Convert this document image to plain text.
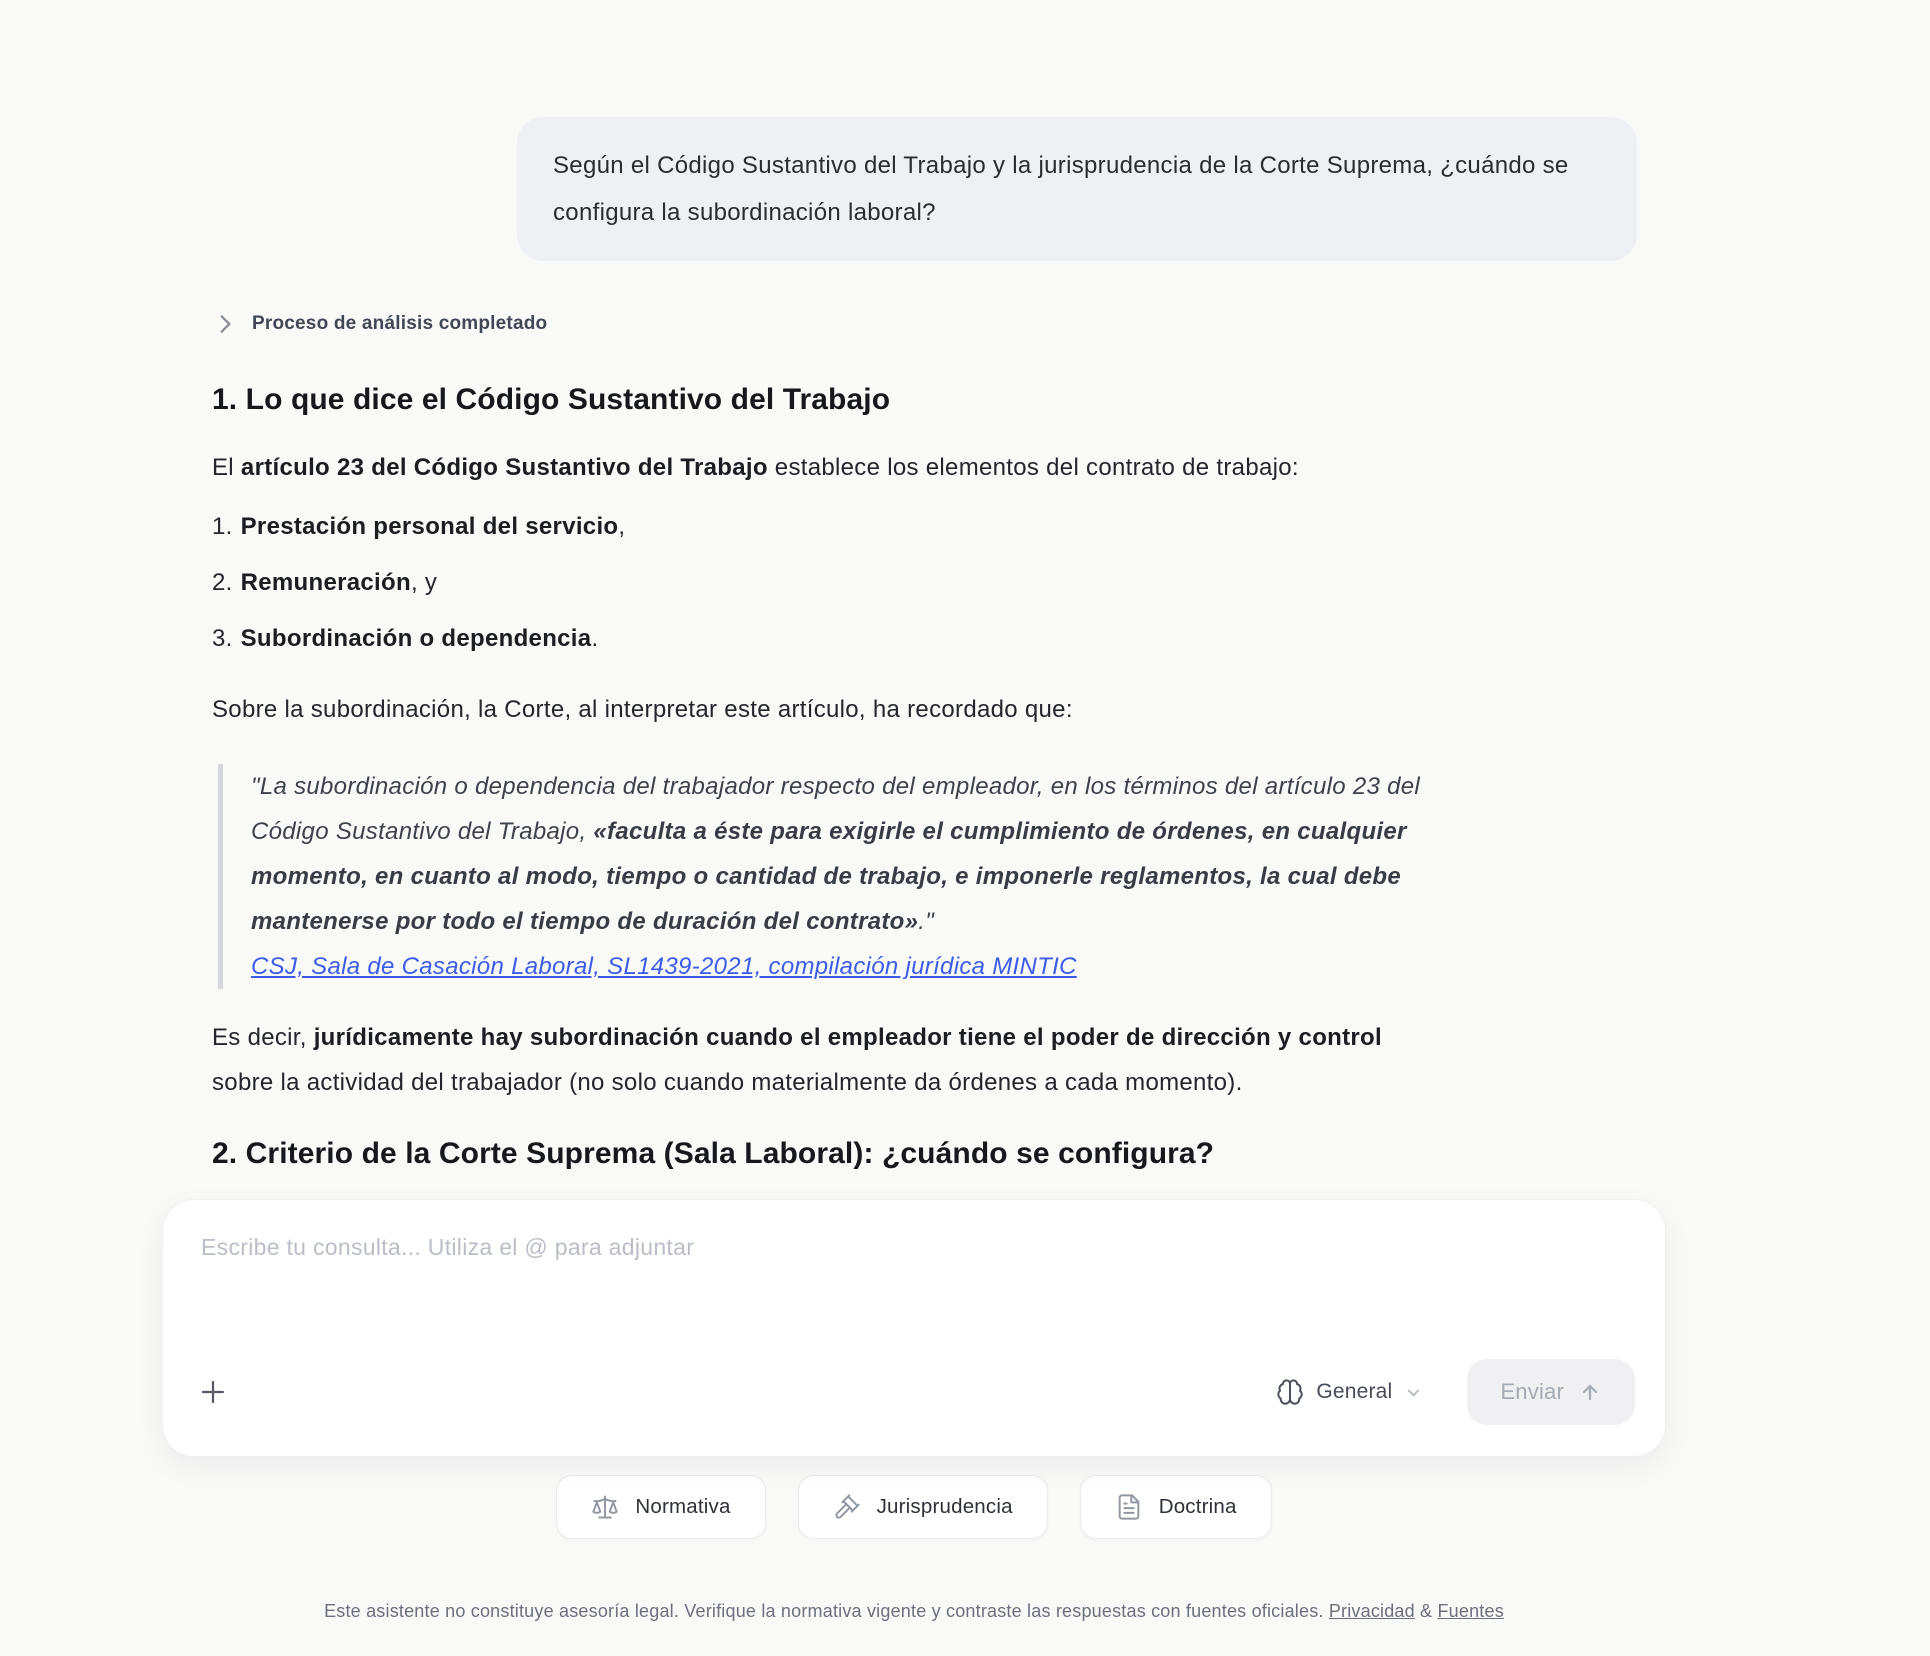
Según el Código Sustantivo del Trabajo y la jurisprudencia de la Corte Suprema, ¿cuándo se configura la subordinación laboral?
Proceso de análisis completado
1. Lo que dice el Código Sustantivo del Trabajo

El artículo 23 del Código Sustantivo del Trabajo establece los elementos del contrato de trabajo:

1. Prestación personal del servicio,
2. Remuneración, y
3. Subordinación o dependencia.

Sobre la subordinación, la Corte, al interpretar este artículo, ha recordado que:

"La subordinación o dependencia del trabajador respecto del empleador, en los términos del artículo 23 del Código Sustantivo del Trabajo, «faculta a éste para exigirle el cumplimiento de órdenes, en cualquier momento, en cuanto al modo, tiempo o cantidad de trabajo, e imponerle reglamentos, la cual debe mantenerse por todo el tiempo de duración del contrato»."

CSJ, Sala de Casación Laboral, SL1439-2021, compilación jurídica MINTIC

Es decir, jurídicamente hay subordinación cuando el empleador tiene el poder de dirección y control sobre la actividad del trabajador (no solo cuando materialmente da órdenes a cada momento).

2. Criterio de la Corte Suprema (Sala Laboral): ¿cuándo se configura?
Escribe tu consulta... Utiliza el @ para adjuntar
General	Enviar
Normativa	Jurisprudencia	Doctrina

Este asistente no constituye asesoría legal. Verifique la normativa vigente y contraste las respuestas con fuentes oficiales. Privacidad & Fuentes
